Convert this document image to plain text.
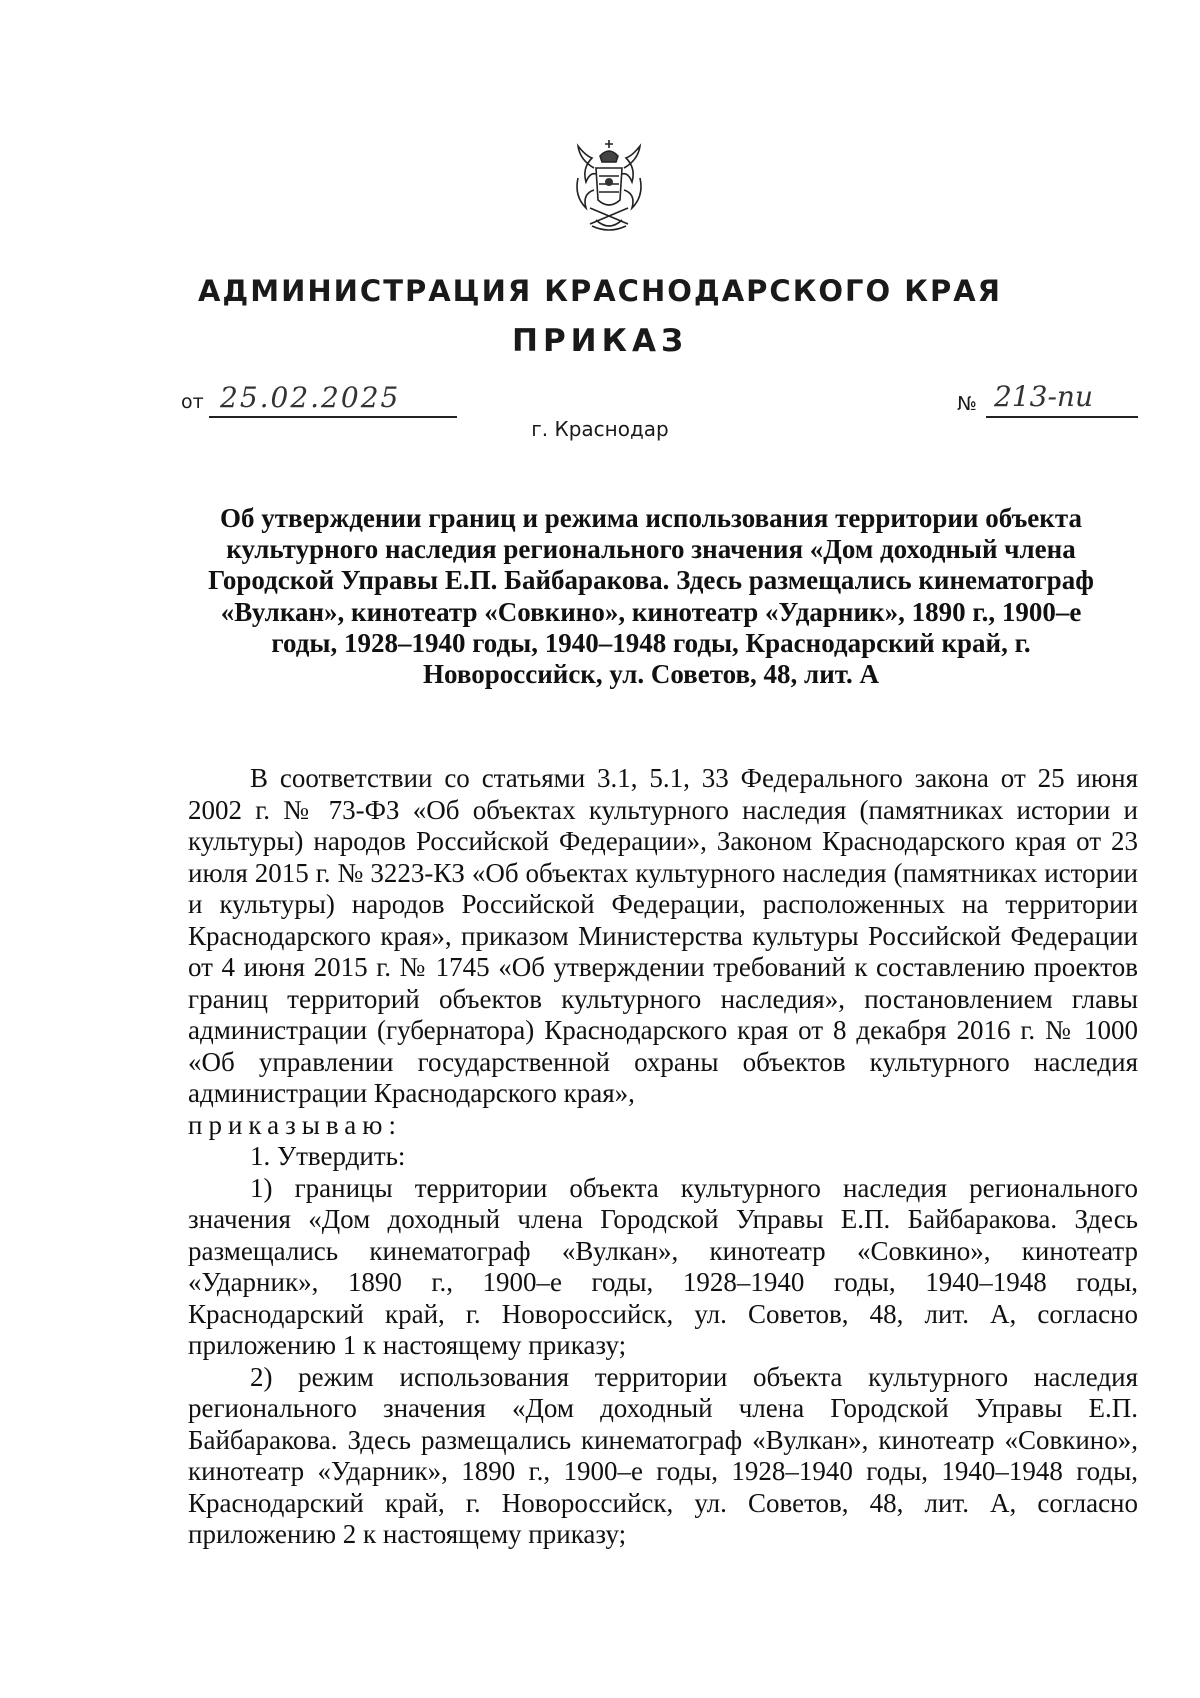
АДМИНИСТРАЦИЯ КРАСНОДАРСКОГО КРАЯ
ПРИКАЗ
от 25.02.2025
г. Краснодар
№ 213-пи
Об утверждении границ и режима использования территории объекта культурного наследия регионального значения «Дом доходный члена Городской Управы Е.П. Байбаракова. Здесь размещались кинематограф «Вулкан», кинотеатр «Совкино», кинотеатр «Ударник», 1890 г., 1900–е годы, 1928–1940 годы, 1940–1948 годы, Краснодарский край, г. Новороссийск, ул. Советов, 48, лит. А

В соответствии со статьями 3.1, 5.1, 33 Федерального закона от 25 июня 2002 г. № 73-ФЗ «Об объектах культурного наследия (памятниках истории и культуры) народов Российской Федерации», Законом Краснодарского края от 23 июля 2015 г. № 3223-КЗ «Об объектах культурного наследия (памятниках истории и культуры) народов Российской Федерации, расположенных на территории Краснодарского края», приказом Министерства культуры Российской Федерации от 4 июня 2015 г. № 1745 «Об утверждении требований к составлению проектов границ территорий объектов культурного наследия», постановлением главы администрации (губернатора) Краснодарского края от 8 декабря 2016 г. № 1000 «Об управлении государственной охраны объектов культурного наследия администрации Краснодарского края»,

приказываю:

1. Утвердить:

1) границы территории объекта культурного наследия регионального значения «Дом доходный члена Городской Управы Е.П. Байбаракова. Здесь размещались кинематограф «Вулкан», кинотеатр «Совкино», кинотеатр «Ударник», 1890 г., 1900–е годы, 1928–1940 годы, 1940–1948 годы, Краснодарский край, г. Новороссийск, ул. Советов, 48, лит. А, согласно приложению 1 к настоящему приказу;

2) режим использования территории объекта культурного наследия регионального значения «Дом доходный члена Городской Управы Е.П. Байбаракова. Здесь размещались кинематограф «Вулкан», кинотеатр «Совкино», кинотеатр «Ударник», 1890 г., 1900–е годы, 1928–1940 годы, 1940–1948 годы, Краснодарский край, г. Новороссийск, ул. Советов, 48, лит. А, согласно приложению 2 к настоящему приказу;
